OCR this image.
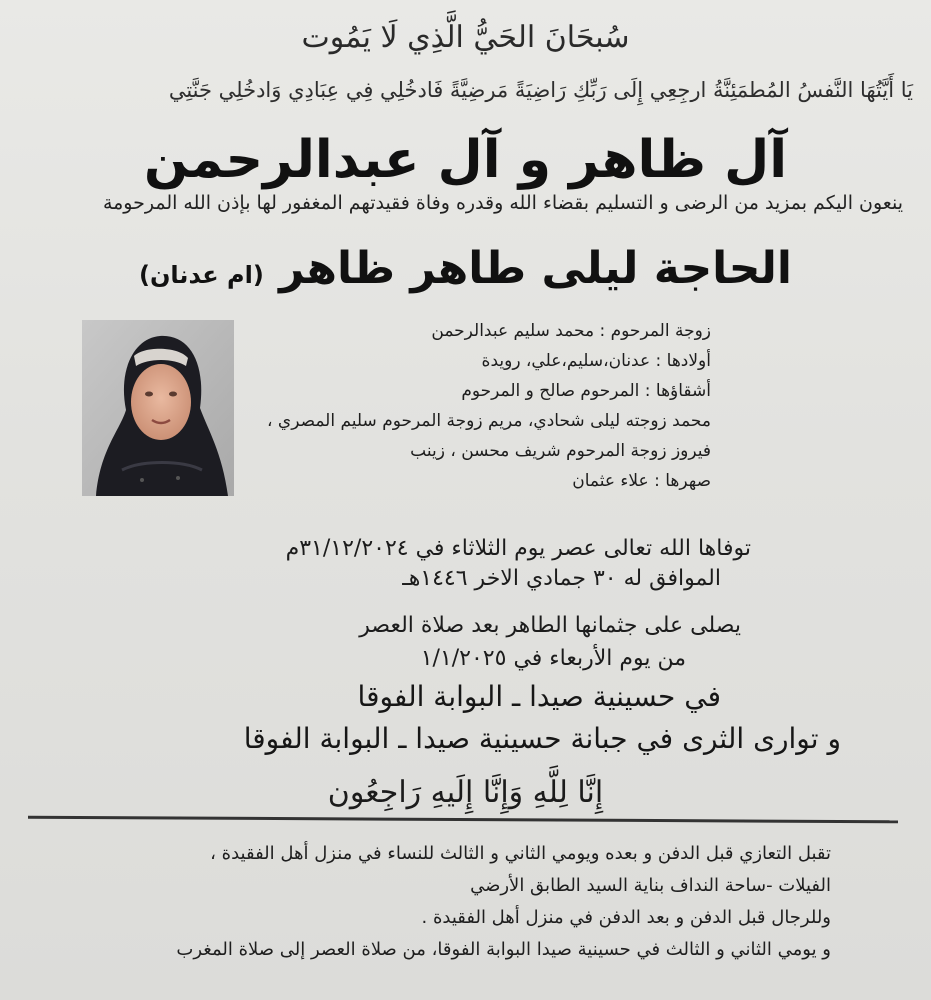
سُبحَانَ الحَيُّ الَّذِي لَا يَمُوت
يَا أَيَّتُهَا النَّفسُ المُطمَئِنَّةُ ارجِعِي إِلَى رَبِّكِ رَاضِيَةً مَرضِيَّةً فَادخُلِي فِي عِبَادِي وَادخُلِي جَنَّتِي
آل ظاهر و آل عبدالرحمن
ينعون اليكم بمزيد من الرضى و التسليم بقضاء الله وقدره وفاة فقيدتهم المغفور لها بإذن الله المرحومة
الحاجة ليلى طاهر ظاهر (ام عدنان)
زوجة المرحوم : محمد سليم عبدالرحمن
أولادها : عدنان،سليم،علي، رويدة
أشقاؤها : المرحوم صالح و المرحوم
محمد زوجته ليلى شحادي، مريم زوجة المرحوم سليم المصري ،
فيروز زوجة المرحوم شريف محسن ، زينب
صهرها : علاء عثمان
توفاها الله تعالى عصر يوم الثلاثاء في ٣١/١٢/٢٠٢٤م
الموافق له ٣٠ جمادي الاخر ١٤٤٦هـ
يصلى على جثمانها الطاهر بعد صلاة العصر
من يوم الأربعاء في ١/١/٢٠٢٥
في حسينية صيدا ـ البوابة الفوقا
و توارى الثرى في جبانة حسينية صيدا ـ البوابة الفوقا
إِنَّا لِلَّهِ وَإِنَّا إِلَيهِ رَاجِعُون
تقبل التعازي قبل الدفن و بعده ويومي الثاني و الثالث للنساء في منزل أهل الفقيدة ،
الفيلات -ساحة النداف بناية السيد الطابق الأرضي
وللرجال قبل الدفن و بعد الدفن في منزل أهل الفقيدة .
و يومي الثاني و الثالث في حسينية صيدا البوابة الفوقا، من صلاة العصر إلى صلاة المغرب
